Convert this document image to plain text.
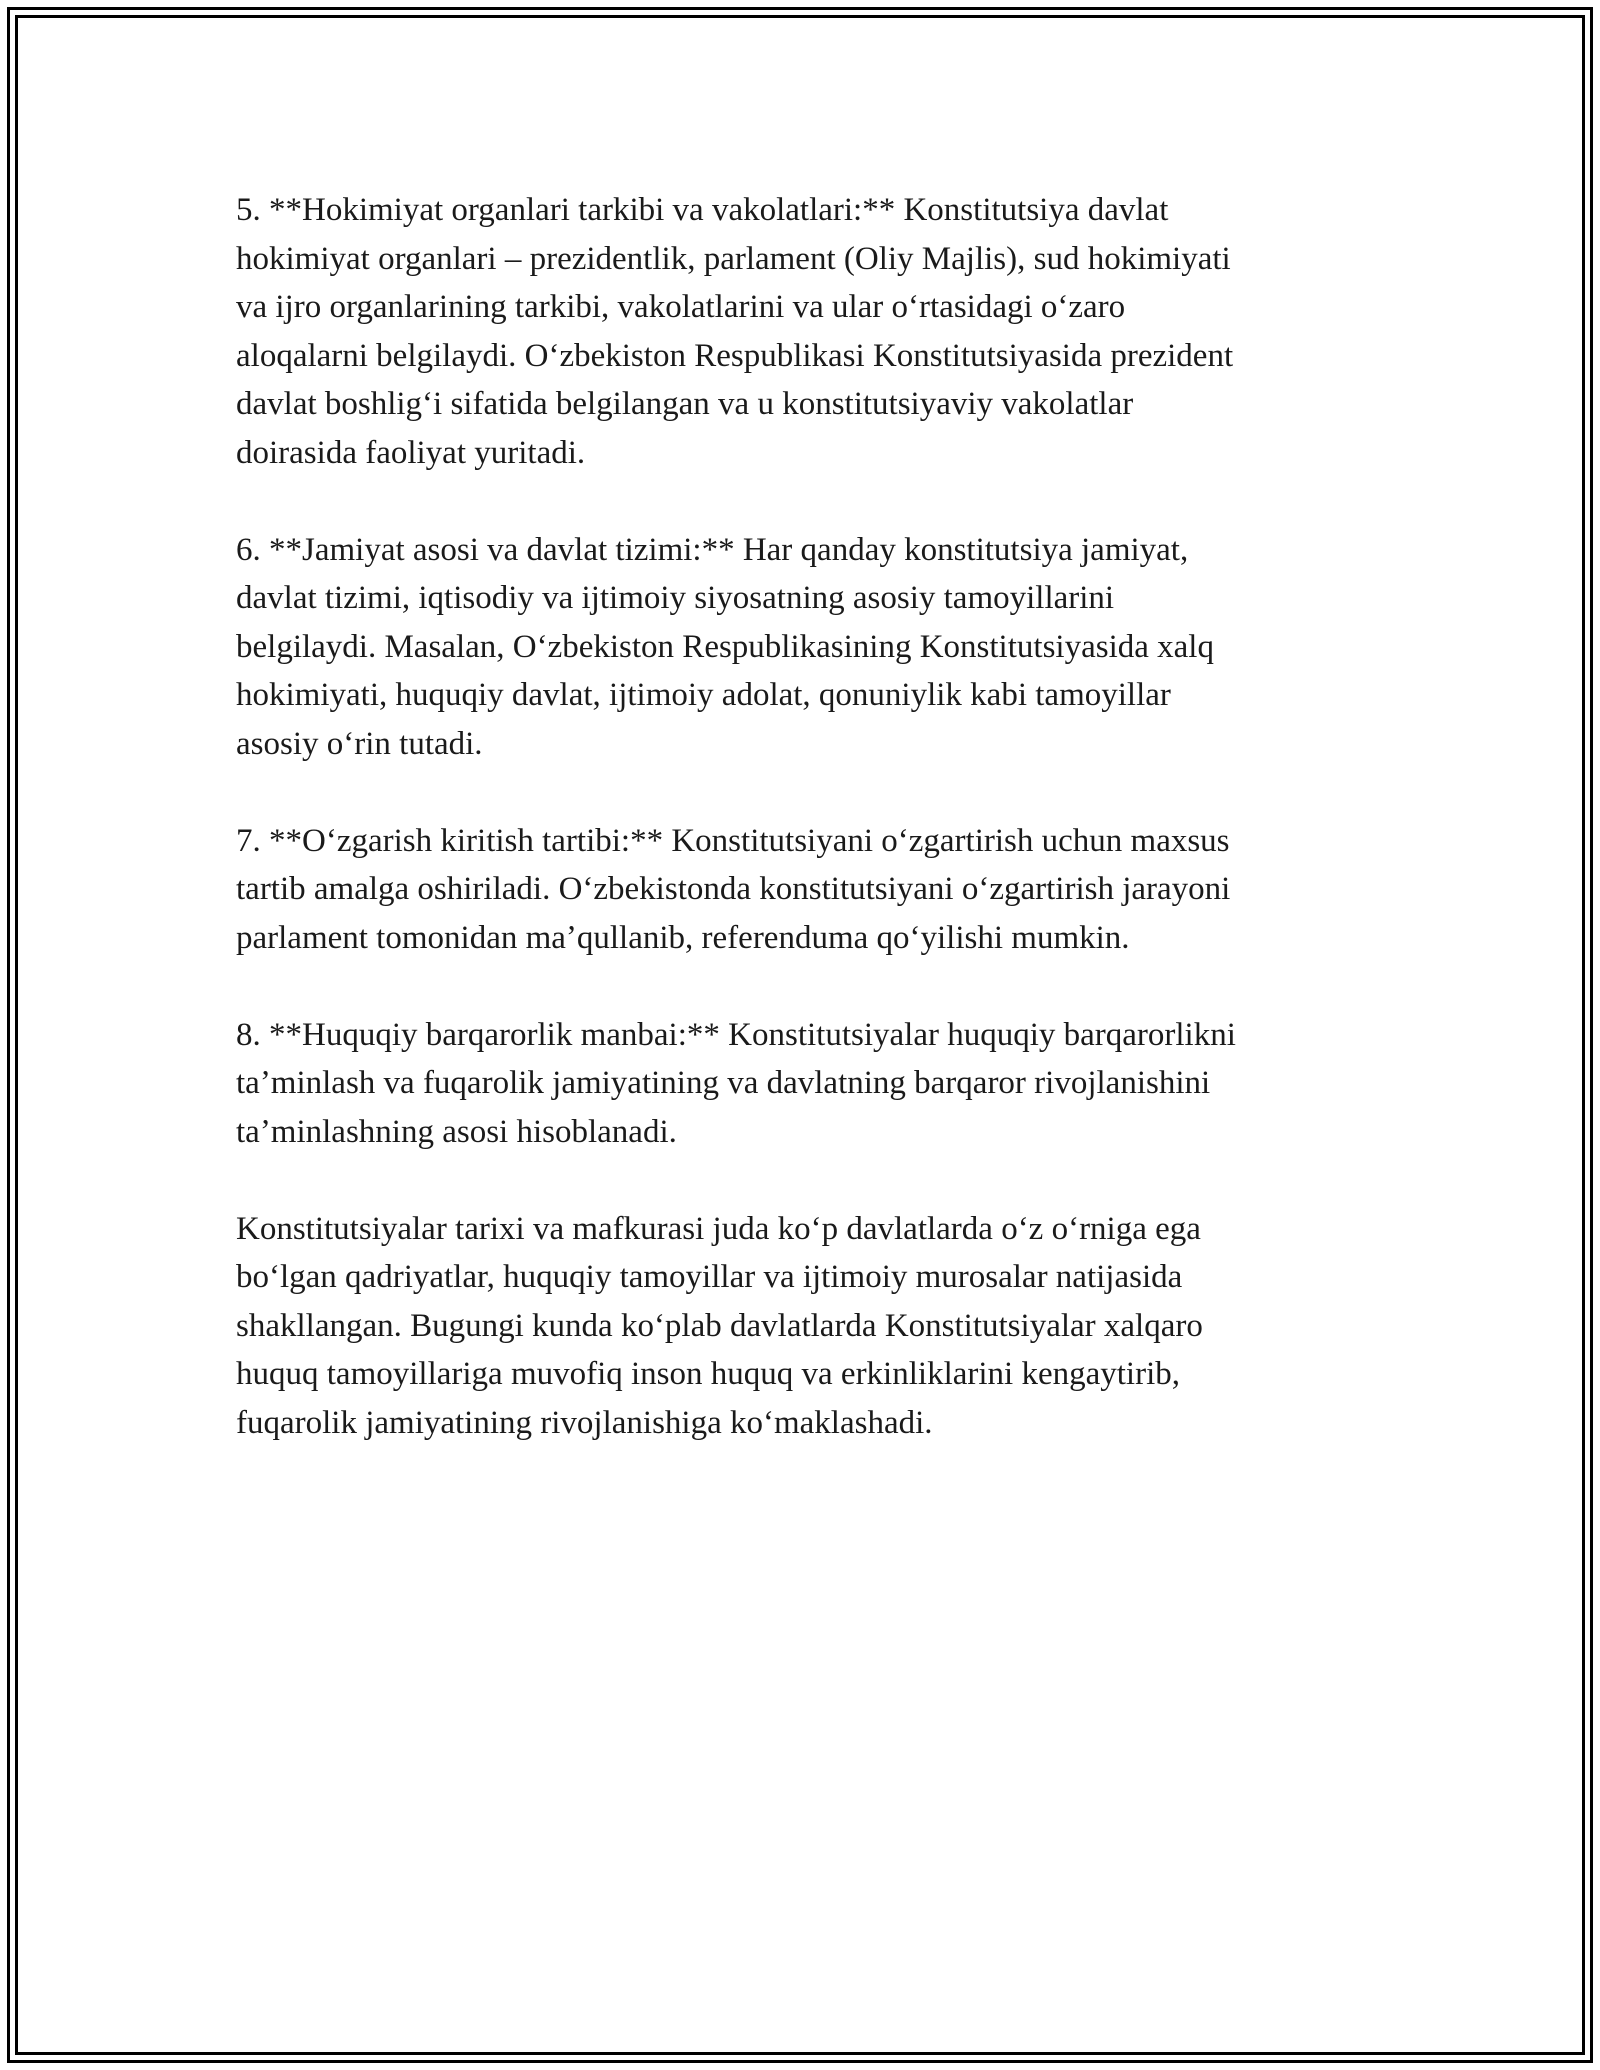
5. **Hokimiyat organlari tarkibi va vakolatlari:** Konstitutsiya davlat
hokimiyat organlari – prezidentlik, parlament (Oliy Majlis), sud hokimiyati
va ijro organlarining tarkibi, vakolatlarini va ular oʻrtasidagi oʻzaro
aloqalarni belgilaydi. Oʻzbekiston Respublikasi Konstitutsiyasida prezident
davlat boshligʻi sifatida belgilangan va u konstitutsiyaviy vakolatlar
doirasida faoliyat yuritadi.
6. **Jamiyat asosi va davlat tizimi:** Har qanday konstitutsiya jamiyat,
davlat tizimi, iqtisodiy va ijtimoiy siyosatning asosiy tamoyillarini
belgilaydi. Masalan, Oʻzbekiston Respublikasining Konstitutsiyasida xalq
hokimiyati, huquqiy davlat, ijtimoiy adolat, qonuniylik kabi tamoyillar
asosiy oʻrin tutadi.
7. **Oʻzgarish kiritish tartibi:** Konstitutsiyani oʻzgartirish uchun maxsus
tartib amalga oshiriladi. Oʻzbekistonda konstitutsiyani oʻzgartirish jarayoni
parlament tomonidan maʼqullanib, referenduma qoʻyilishi mumkin.
8. **Huquqiy barqarorlik manbai:** Konstitutsiyalar huquqiy barqarorlikni
taʼminlash va fuqarolik jamiyatining va davlatning barqaror rivojlanishini
taʼminlashning asosi hisoblanadi.
Konstitutsiyalar tarixi va mafkurasi juda koʻp davlatlarda oʻz oʻrniga ega
boʻlgan qadriyatlar, huquqiy tamoyillar va ijtimoiy murosalar natijasida
shakllangan. Bugungi kunda koʻplab davlatlarda Konstitutsiyalar xalqaro
huquq tamoyillariga muvofiq inson huquq va erkinliklarini kengaytirib,
fuqarolik jamiyatining rivojlanishiga koʻmaklashadi.
